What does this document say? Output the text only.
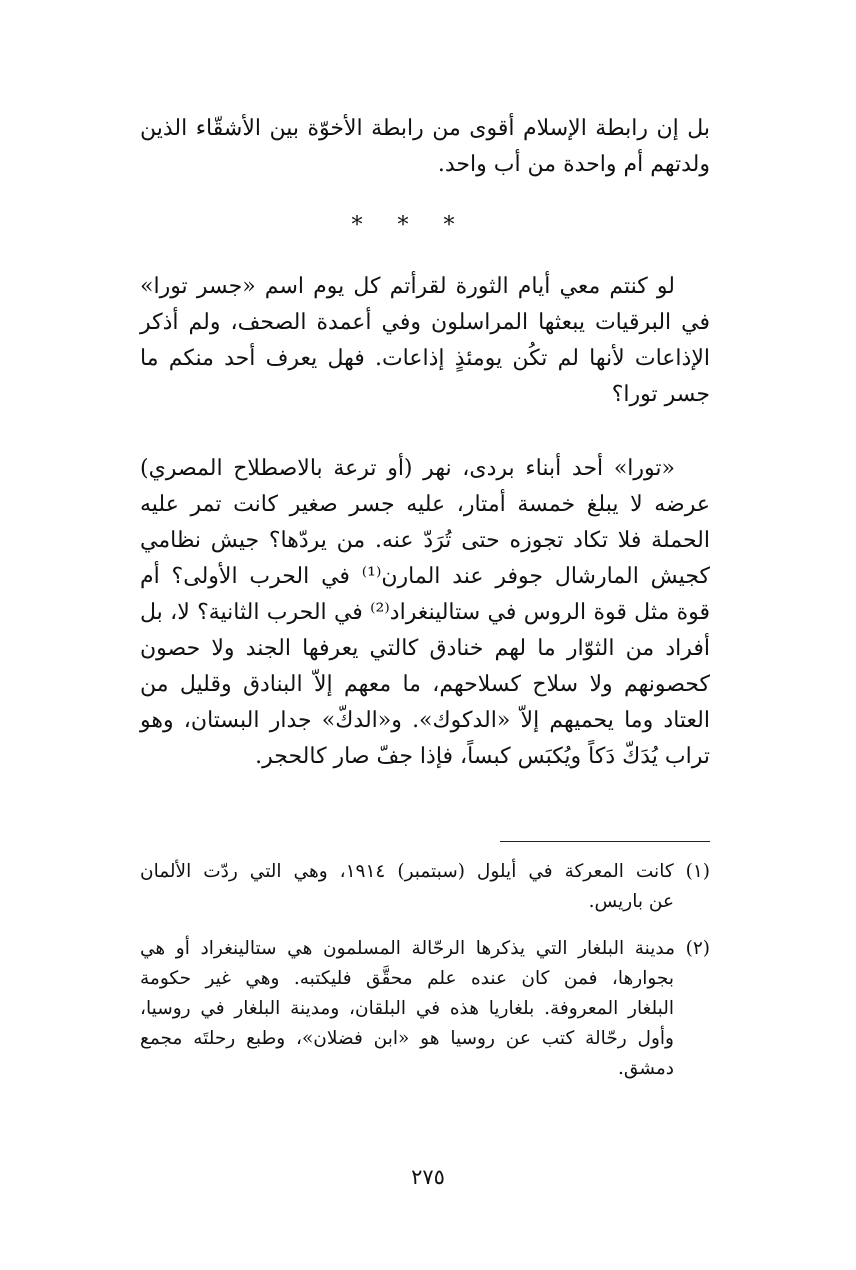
بل إن رابطة الإسلام أقوى من رابطة الأخوّة بين الأشقّاء الذين
ولدتهم أم واحدة من أب واحد.
* * *
لو كنتم معي أيام الثورة لقرأتم كل يوم اسم «جسر تورا»
في البرقيات يبعثها المراسلون وفي أعمدة الصحف، ولم أذكر
الإذاعات لأنها لم تكُن يومئذٍ إذاعات. فهل يعرف أحد منكم ما
جسر تورا؟
«تورا» أحد أبناء بردى، نهر (أو ترعة بالاصطلاح المصري)
عرضه لا يبلغ خمسة أمتار، عليه جسر صغير كانت تمر عليه
الحملة فلا تكاد تجوزه حتى تُرَدّ عنه. من يردّها؟ جيش نظامي
كجيش المارشال جوفر عند المارن⁽¹⁾ في الحرب الأولى؟ أم
قوة مثل قوة الروس في ستالينغراد⁽²⁾ في الحرب الثانية؟ لا، بل
أفراد من الثوّار ما لهم خنادق كالتي يعرفها الجند ولا حصون
كحصونهم ولا سلاح كسلاحهم، ما معهم إلاّ البنادق وقليل من
العتاد وما يحميهم إلاّ «الدكوك». و«الدكّ» جدار البستان، وهو
تراب يُدَكّ دَكاً ويُكبَس كبساً، فإذا جفّ صار كالحجر.
(١) كانت المعركة في أيلول (سبتمبر) ١٩١٤، وهي التي ردّت الألمان
عن باريس.
(٢) مدينة البلغار التي يذكرها الرحّالة المسلمون هي ستالينغراد أو هي
بجوارها، فمن كان عنده علم محقَّق فليكتبه. وهي غير حكومة
البلغار المعروفة. بلغاريا هذه في البلقان، ومدينة البلغار في روسيا،
وأول رحّالة كتب عن روسيا هو «ابن فضلان»، وطبع رحلتَه مجمع
دمشق.
٢٧٥
